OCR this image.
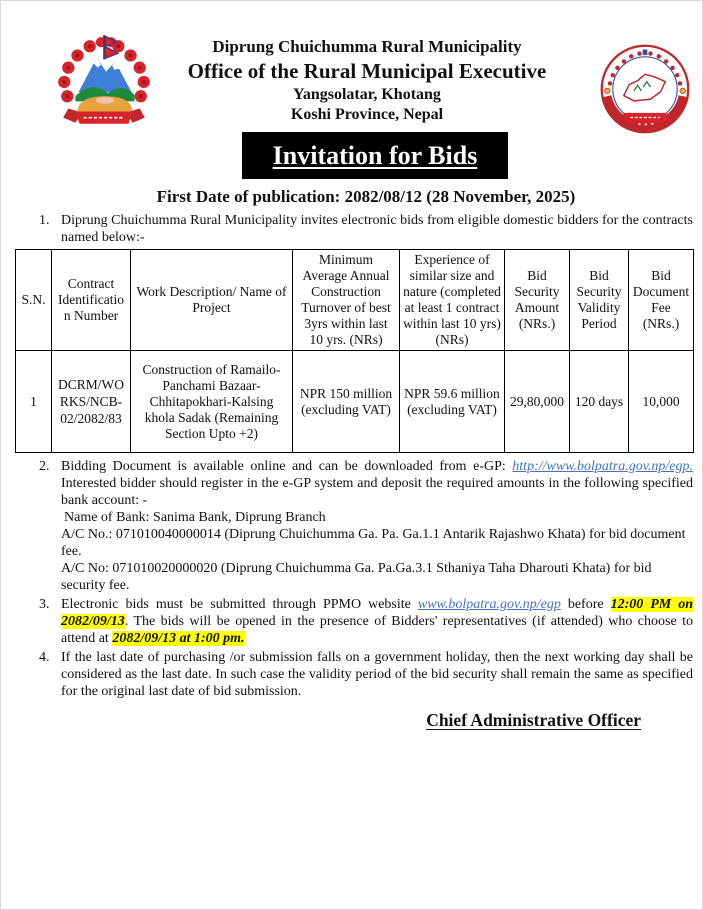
Diprung Chuichumma Rural Municipality
Office of the Rural Municipal Executive
Yangsolatar, Khotang
Koshi Province, Nepal
Invitation for Bids
First Date of publication: 2082/08/12 (28 November, 2025)
1. Diprung Chuichumma Rural Municipality invites electronic bids from eligible domestic bidders for the contracts named below:-
S.N.	Contract Identification Number	Work Description/ Name of Project	Minimum Average Annual Construction Turnover of best 3yrs within last 10 yrs. (NRs)	Experience of similar size and nature (completed at least 1 contract within last 10 yrs) (NRs)	Bid Security Amount (NRs.)	Bid Security Validity Period	Bid Document Fee (NRs.)
1	DCRM/WORKS/NCB-02/2082/83	Construction of Ramailo-Panchami Bazaar-Chhitapokhari-Kalsing khola Sadak (Remaining Section Upto +2)	NPR 150 million (excluding VAT)	NPR 59.6 million (excluding VAT)	29,80,000	120 days	10,000
2. Bidding Document is available online and can be downloaded from e-GP: http://www.bolpatra.gov.np/egp. Interested bidder should register in the e-GP system and deposit the required amounts in the following specified bank account: -
Name of Bank: Sanima Bank, Diprung Branch
A/C No.: 071010040000014 (Diprung Chuichumma Ga. Pa. Ga.1.1 Antarik Rajashwo Khata) for bid document fee.
A/C No: 071010020000020 (Diprung Chuichumma Ga. Pa.Ga.3.1 Sthaniya Taha Dharouti Khata) for bid security fee.
3. Electronic bids must be submitted through PPMO website www.bolpatra.gov.np/egp before 12:00 PM on 2082/09/13. The bids will be opened in the presence of Bidders' representatives (if attended) who choose to attend at 2082/09/13 at 1:00 pm.
4. If the last date of purchasing /or submission falls on a government holiday, then the next working day shall be considered as the last date. In such case the validity period of the bid security shall remain the same as specified for the original last date of bid submission.
Chief Administrative Officer
